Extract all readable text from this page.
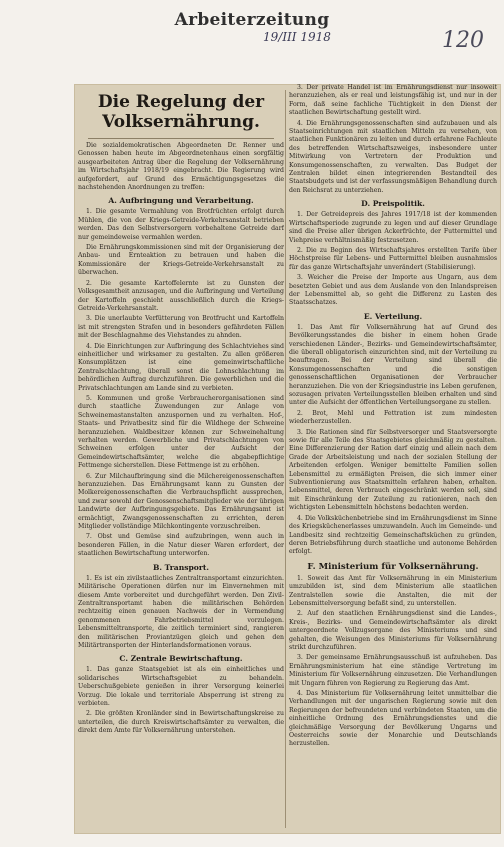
Arbeiterzeitung
19/III 1918	120
Die Regelung der Volksernährung.

Die sozialdemokratischen Abgeordneten Dr. Renner und Genossen haben heute im Abgeordnetenhaus einen sorgfältig ausgearbeiteten Antrag über die Regelung der Volksernährung im Wirtschaftsjahr 1918/19 eingebracht. Die Regierung wird aufgefordert, auf Grund des Ermächtigungsgesetzes die nachstehenden Anordnungen zu treffen:

A. Aufbringung und Verarbeitung.

1. Die gesamte Vermahlung von Brotfrüchten erfolgt durch Mühlen, die von der Kriegs-Getreide-Verkehrsanstalt betrieben werden. Das den Selbstversorgern vorbehaltene Getreide darf nur gemeindeweise vermahlen werden.

Die Ernährungskommissionen sind mit der Organisierung der Anbau- und Ernteaktion zu betrauen und haben die Kommissionäre der Kriegs-Getreide-Verkehrsanstalt zu überwachen.

2. Die gesamte Kartoffelernte ist zu Gunsten der Volksgesamtheit anzusagen, und die Aufbringung und Verteilung der Kartoffeln geschieht ausschließlich durch die Kriegs-Getreide-Verkehrsanstalt.

3. Die unerlaubte Verfütterung von Brotfrucht und Kartoffeln ist mit strengsten Strafen und in besonders gefährdeten Fällen mit der Beschlagnahme des Viehstandes zu ahnden.

4. Die Einrichtungen zur Aufbringung des Schlachtviehes sind einheitlicher und wirksamer zu gestalten. Zu allen größeren Konsumplätzen ist eine gemeinwirtschaftliche Zentralschlachtung, überall sonst die Lohnschlachtung im behördlichen Auftrag durchzuführen. Die gewerblichen und die Privatschlachtungen am Lande sind zu verbieten.

5. Kommunen und große Verbraucherorganisationen sind durch staatliche Zuwendungen zur Anlage von Schweinemastanstalten anzuspornen und zu verhalten. Hof-, Staats- und Privatbesitz sind für die Wildhege der Schweine heranzuziehen. Waldbesitzer können zur Schweinehaltung verhalten werden. Gewerbliche und Privatschlachtungen von Schweinen erfolgen unter der Aufsicht der Gemeindewirtschaftsämter, welche die abgabepflichtige Fettmenge sicherstellen. Diese Fettmenge ist zu erhöhen.

6. Zur Milchaufbringung sind die Milchereigenossenschaften heranzuziehen. Das Ernährungsamt kann zu Gunsten der Molkereigenossenschaften die Verbrauchspflicht aussprechen, und zwar sowohl der Genossenschaftsmitglieder wie der übrigen Landwirte der Aufbringungsgebiete. Das Ernährungsamt ist ermächtigt, Zwangsgenossenschaften zu errichten, deren Mitglieder vollständige Milchkontingente vorzuschreiben.

7. Obst und Gemüse sind aufzubringen, wenn auch in besonderen Fällen, in die Natur dieser Waren erfordert, der staatlichen Bewirtschaftung unterworfen.

B. Transport.

1. Es ist ein zivilstaatliches Zentraltransportamt einzurichten. Militärische Operationen dürfen nur im Einvernehmen mit diesem Amte vorbereitet und durchgeführt werden. Den Zivil-Zentraltransportamt haben die militärischen Behörden rechtzeitig einen genauen Nachweis der in Vermendung genommenen Fahrbetriebsmittel vorzulegen. Lebensmitteltransporte, die zeitlich terminiert sind, rangieren den militärischen Proviantzügen gleich und gehen den Militärtransporten der Hinterlandsformationen voraus.

C. Zentrale Bewirtschaftung.

1. Das ganze Staatsgebiet ist als ein einheitliches und solidarisches Wirtschaftsgebiet zu behandeln. Ueberschußgebiete genießen in ihrer Versorgung keinerlei Vorzug. Die lokale und territoriale Absperrung ist streng zu verbieten.

2. Die größten Kronländer sind in Bewirtschaftungskreise zu unterteilen, die durch Kreiswirtschaftsämter zu verwalten, die direkt dem Amte für Volksernährung unterstehen.

3. Der private Handel ist im Ernährungsdienst nur insoweit heranzuziehen, als er real und leistungsfähig ist, und nur in der Form, daß seine fachliche Tüchtigkeit in den Dienst der staatlichen Bewirtschaftung gestellt wird.

4. Die Ernährungsgenossenschaften sind aufzubauen und als Staatseinrichtungen mit staatlichen Mitteln zu versehen, von staatlichen Funktionären zu leiten und durch erfahrene Fachleute des betreffenden Wirtschaftszweiges, insbesondere unter Mitwirkung von Vertretern der Produktion und Konsumgenossenschaften, zu verwalten. Das Budget der Zentralen bildet einen integrierenden Bestandteil des Staatsbudgets und ist der verfassungsmäßigen Behandlung durch den Reichsrat zu unterziehen.

D. Preispolitik.

1. Der Getreidepreis des Jahres 1917/18 ist der kommenden Wirtschaftsperiode zugrunde zu legen und auf dieser Grundlage sind die Preise aller übrigen Ackerfrüchte, der Futtermittel und Viehpreise verhältnismäßig festzusetzen.

2. Die zu Beginn des Wirtschaftsjahres erstellten Tarife über Höchstpreise für Lebens- und Futtermittel bleiben ausnahmslos für das ganze Wirtschaftsjahr unverändert (Stabilisierung).

3. Weicher die Preise der Importe aus Ungarn, aus dem besetzten Gebiet und aus dem Auslande von den Inlandspreisen der Lebensmittel ab, so geht die Differenz zu Lasten des Staatsschatzes.

E. Verteilung.

1. Das Amt für Volksernährung hat auf Grund des Bevölkerungsstandes die bisher in einem hohen Grade verschiedenen Länder-, Bezirks- und Gemeindewirtschaftsämter, die überall obligatorisch einzurichten sind, mit der Verteilung zu beauftragen. Bei der Verteilung sind überall die Konsumgenossenschaften und die sonstigen genossenschaftlichen Organisationen der Verbraucher heranzuziehen. Die von der Kriegsindustrie ins Leben gerufenen, sozusagen privaten Verteilungsstellen bleiben erhalten und sind unter die Aufsicht der öffentlichen Verteilungsorgane zu stellen.

2. Brot, Mehl und Fettration ist zum mindesten wiederherzustellen.

3. Die Rationen sind für Selbstversorger und Staatsversorgte sowie für alle Teile des Staatsgebietes gleichmäßig zu gestalten. Eine Differenzierung der Ration darf einzig und allein nach dem Grade der Arbeitsleistung und nach der sozialen Stellung der Arbeitenden erfolgen. Weniger bemittelte Familien sollen Lebensmittel zu ermäßigten Preisen, die sich immer einer Subventionierung aus Staatsmitteln erfahren haben, erhalten. Lebensmittel, deren Verbrauch eingeschränkt werden soll, sind mit Einschränkung der Zuteilung zu rationieren, nach den wichtigsten Lebensmitteln höchstens bedachten werden.

4. Die Volksküchenbetriebe sind im Ernährungsdienst im Sinne des Kriegsküchenerlasses umzuwandeln. Auch im Gemeinde- und Landbesitz sind rechtzeitig Gemeinschaftsküchen zu gründen, deren Betriebsführung durch staatliche und autonome Behörden erfolgt.

F. Ministerium für Volksernährung.

1. Soweit das Amt für Volksernährung in ein Ministerium umzubilden ist, sind dem Ministerium alle staatlichen Zentralstellen sowie die Anstalten, die mit der Lebensmittelversorgung befaßt sind, zu unterstellen.

2. Auf den staatlichen Ernährungsdienst sind die Landes-, Kreis-, Bezirks- und Gemeindewirtschaftsämter als direkt untergeordnete Vollzugsorgane des Ministeriums und sind gehalten, die Weisungen des Ministeriums für Volksernährung strikt durchzuführen.

3. Der gemeinsame Ernährungsausschuß ist aufzuheben. Das Ernährungsministerium hat eine ständige Vertretung im Ministerium für Volksernährung einzusetzen. Die Verhandlungen mit Ungarn führen von Regierung zu Regierung das Amt.

4. Das Ministerium für Volksernährung leitet unmittelbar die Verhandlungen mit der ungarischen Regierung sowie mit den Regierungen der befreundeten und verbündeten Staaten, um die einheitliche Ordnung des Ernährungsdienstes und die gleichmäßige Versorgung der Bevölkerung Ungarns und Oesterreichs sowie der Monarchie und Deutschlands herzustellen.
